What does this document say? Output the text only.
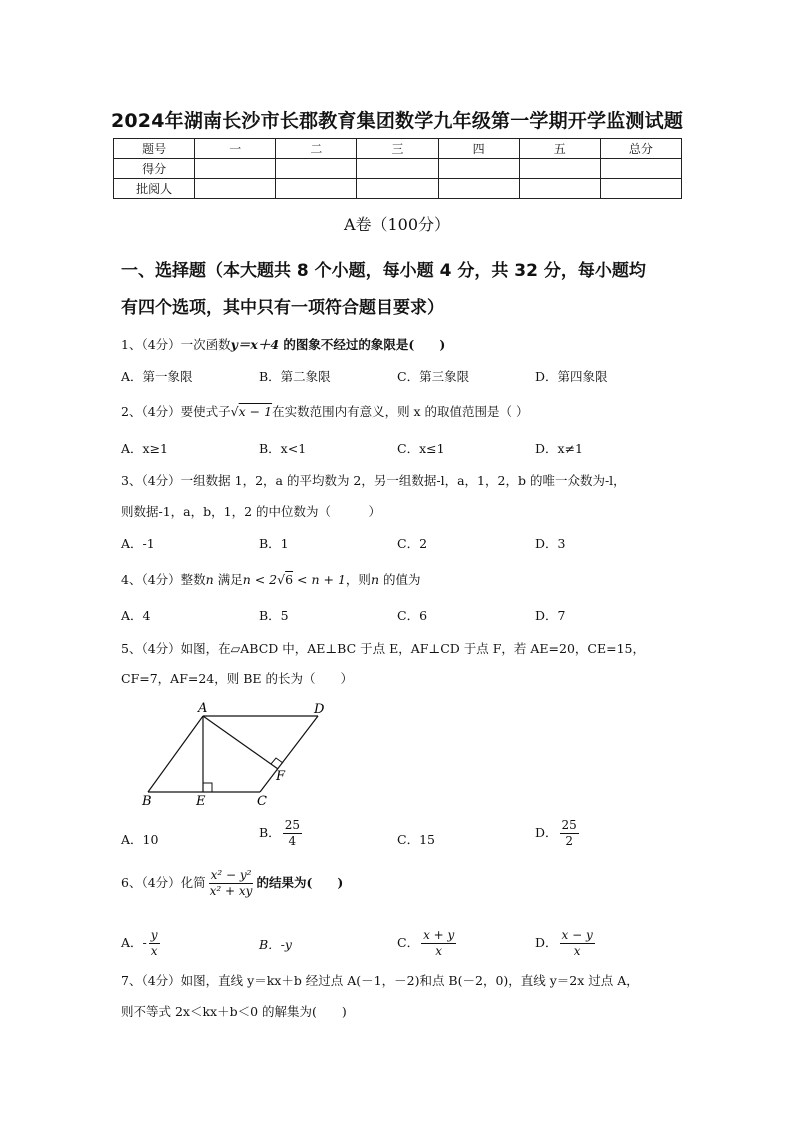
2024年湖南长沙市长郡教育集团数学九年级第一学期开学监测试题
题号	一	二	三	四	五	总分
得分						
批阅人						
A卷（100分）
一、选择题（本大题共 8 个小题，每小题 4 分，共 32 分，每小题均
有四个选项，其中只有一项符合题目要求）
1、（4分）一次函数y＝x＋4 的图象不经过的象限是(　　)
A．第一象限	B．第二象限	C．第三象限	D．第四象限
2、（4分）要使式子√x − 1在实数范围内有意义，则 x 的取值范围是（ ）
A．x≥1	B．x<1	C．x≤1	D．x≠1
3、（4分）一组数据 1，2，a 的平均数为 2，另一组数据-l，a，1，2，b 的唯一众数为-l，
则数据-1，a，b，1，2 的中位数为（　　　）
A．-1	B．1	C．2	D．3
4、（4分）整数n 满足n < 2√6 < n + 1，则n 的值为
A．4	B．5	C．6	D．7
5、（4分）如图，在▱ABCD 中，AE⊥BC 于点 E，AF⊥CD 于点 F，若 AE=20，CE=15，
CF=7，AF=24，则 BE 的长为（　　）
A	D
B	E	C
F
A．10	B． $\frac{25}{4}$	C．15	D． $\frac{25}{2}$
6、（4分）化简 $\frac{\text{x² − y²}}{\text{x² + xy}}$ 的结果为(　　)
A．- $\frac{y}{x}$	B．-y	C． $\frac{x + y}{x}$	D． $\frac{x - y}{x}$
7、（4分）如图，直线 y＝kx＋b 经过点 A(－1，－2)和点 B(－2，0)，直线 y＝2x 过点 A，
则不等式 2x＜kx＋b＜0 的解集为(　　)
